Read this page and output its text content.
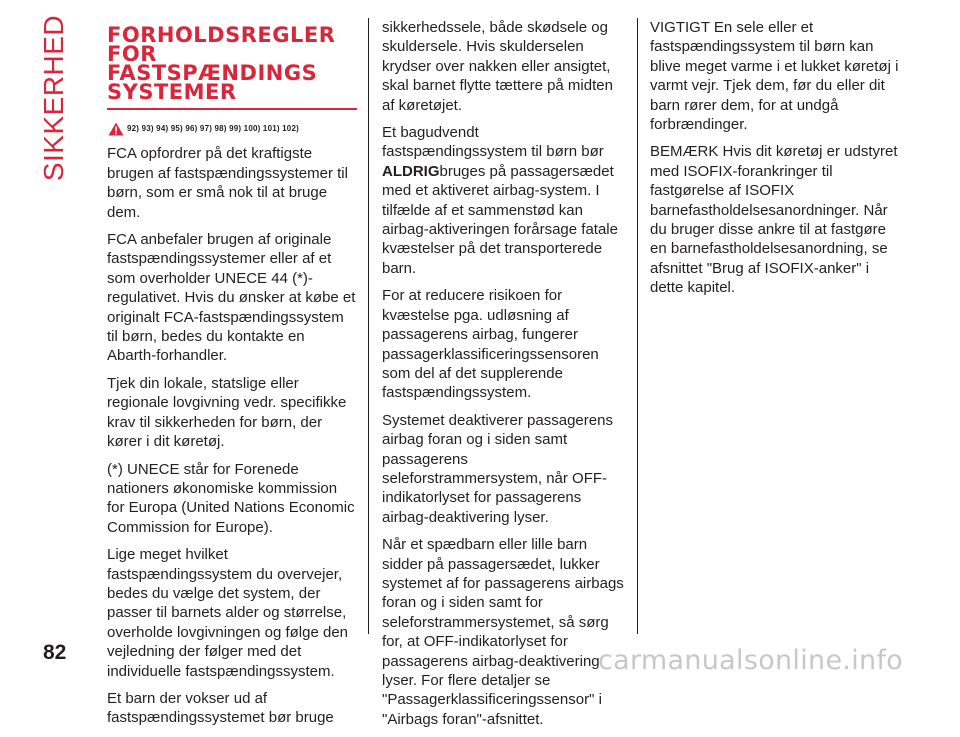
SIKKERHED FORHOLDSREGLER
FOR
FASTSPÆNDINGS
SYSTEMER
92) 93) 94) 95) 96) 97) 98) 99) 100) 101) 102)

FCA opfordrer på det kraftigste brugen af fastspændingssystemer til børn, som er små nok til at bruge dem.

FCA anbefaler brugen af originale fastspændingssystemer eller af et som overholder UNECE 44 (*)-regulativet. Hvis du ønsker at købe et originalt FCA-fastspændingssystem til børn, bedes du kontakte en Abarth-forhandler.

Tjek din lokale, statslige eller regionale lovgivning vedr. specifikke krav til sikkerheden for børn, der kører i dit køretøj.

(*) UNECE står for Forenede nationers økonomiske kommission for Europa (United Nations Economic Commission for Europe).

Lige meget hvilket fastspændingssystem du overvejer, bedes du vælge det system, der passer til barnets alder og størrelse, overholde lovgivningen og følge den vejledning der følger med det individuelle fastspændingssystem.

Et barn der vokser ud af fastspændingssystemet bør bruge

sikkerhedssele, både skødsele og skuldersele. Hvis skulderselen krydser over nakken eller ansigtet, skal barnet flytte tættere på midten af køretøjet.

Et bagudvendt fastspændingssystem til børn bør ALDRIGbruges på passagersædet med et aktiveret airbag-system. I tilfælde af et sammenstød kan airbag-aktiveringen forårsage fatale kvæstelser på det transporterede barn.

For at reducere risikoen for kvæstelse pga. udløsning af passagerens airbag, fungerer passagerklassificeringssensoren som del af det supplerende fastspændingssystem.

Systemet deaktiverer passagerens airbag foran og i siden samt passagerens seleforstrammersystem, når OFF-indikatorlyset for passagerens airbag-deaktivering lyser.

Når et spædbarn eller lille barn sidder på passagersædet, lukker systemet af for passagerens airbags foran og i siden samt for seleforstrammersystemet, så sørg for, at OFF-indikatorlyset for passagerens airbag-deaktivering lyser. For flere detaljer se "Passagerklassificeringssensor" i "Airbags foran"-afsnittet.

VIGTIGT En sele eller et fastspændingssystem til børn kan blive meget varme i et lukket køretøj i varmt vejr. Tjek dem, før du eller dit barn rører dem, for at undgå forbrændinger.

BEMÆRK Hvis dit køretøj er udstyret med ISOFIX-forankringer til fastgørelse af ISOFIX barnefastholdelsesanordninger. Når du bruger disse ankre til at fastgøre en barnefastholdelsesanordning, se afsnittet "Brug af ISOFIX-anker" i dette kapitel.

82	carmanualsonline.info
